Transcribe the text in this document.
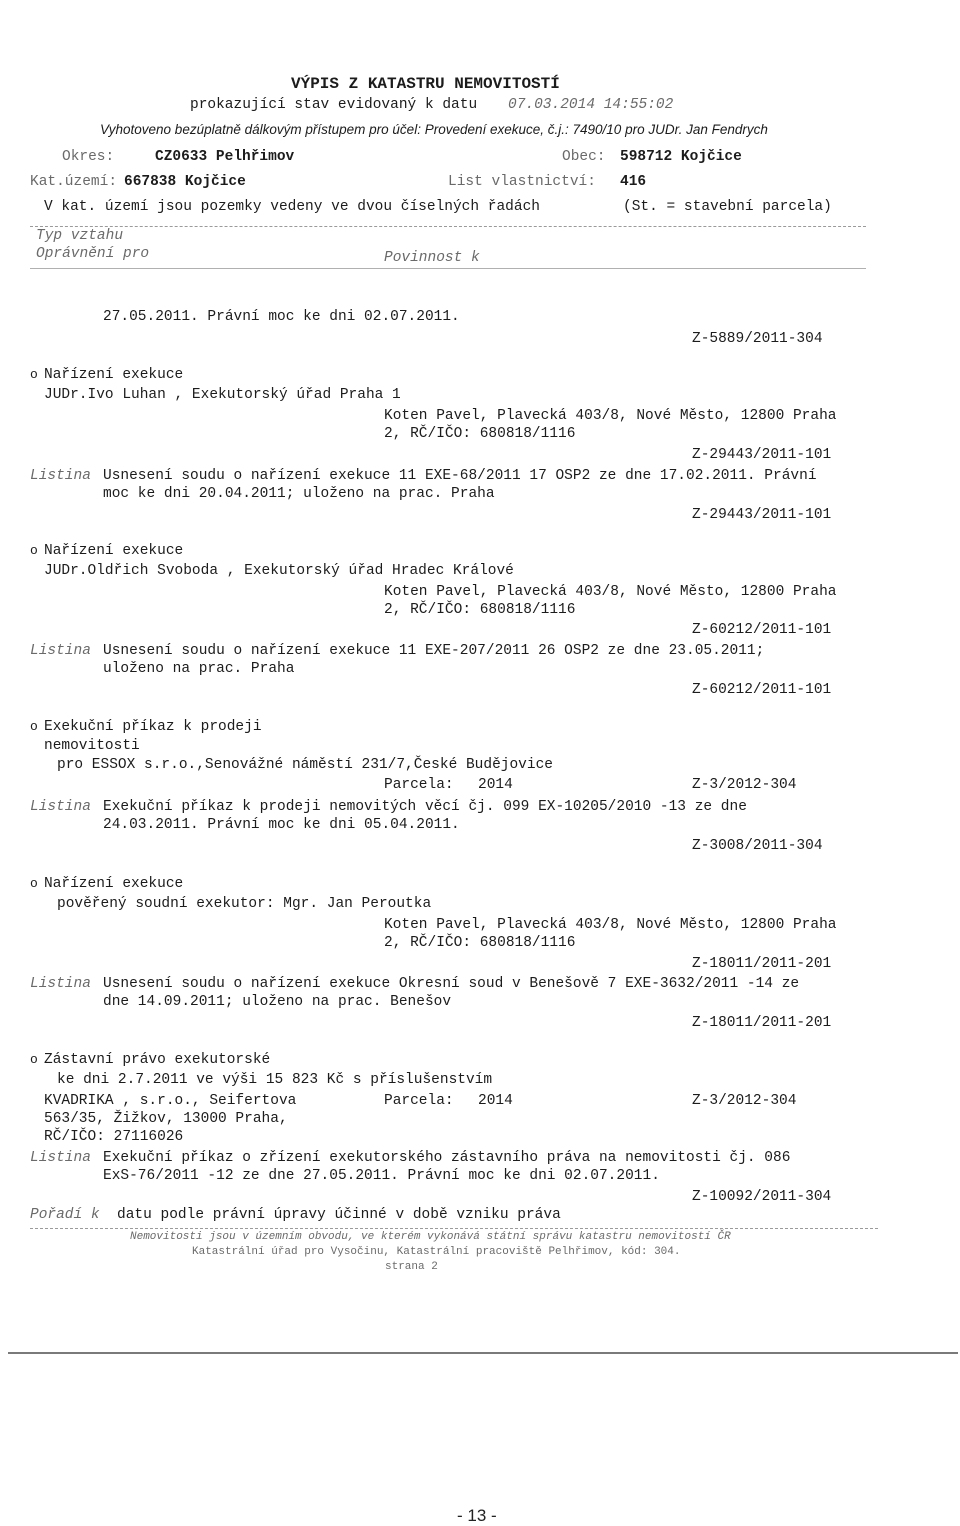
VÝPIS Z KATASTRU NEMOVITOSTÍ
prokazující stav evidovaný k datu 07.03.2014 14:55:02
Vyhotoveno bezúplatně dálkovým přístupem pro účel: Provedení exekuce, č.j.: 7490/10 pro JUDr. Jan Fendrych
Okres:	CZ0633 Pelhřimov	Obec: 598712 Kojčice
Kat.území: 667838 Kojčice	List vlastnictví: 416
V kat. území jsou pozemky vedeny ve dvou číselných řadách	(St. = stavební parcela)
Typ vztahu
Oprávnění pro	Povinnost k
27.05.2011. Právní moc ke dni 02.07.2011.
Z-5889/2011-304
o Nařízení exekuce
JUDr.Ivo Luhan , Exekutorský úřad Praha 1
Koten Pavel, Plavecká 403/8, Nové Město, 12800 Praha
2, RČ/IČO: 680818/1116
Z-29443/2011-101
Listina Usnesení soudu o nařízení exekuce 11 EXE-68/2011 17 OSP2 ze dne 17.02.2011. Právní
moc ke dni 20.04.2011; uloženo na prac. Praha
Z-29443/2011-101
o Nařízení exekuce
JUDr.Oldřich Svoboda , Exekutorský úřad Hradec Králové
Koten Pavel, Plavecká 403/8, Nové Město, 12800 Praha
2, RČ/IČO: 680818/1116
Z-60212/2011-101
Listina Usnesení soudu o nařízení exekuce 11 EXE-207/2011 26 OSP2 ze dne 23.05.2011;
uloženo na prac. Praha
Z-60212/2011-101
o Exekuční příkaz k prodeji
nemovitosti
pro ESSOX s.r.o.,Senovážné náměstí 231/7,České Budějovice
Parcela: 2014	Z-3/2012-304
Listina Exekuční příkaz k prodeji nemovitých věcí čj. 099 EX-10205/2010 -13 ze dne
24.03.2011. Právní moc ke dni 05.04.2011.
Z-3008/2011-304
o Nařízení exekuce
pověřený soudní exekutor: Mgr. Jan Peroutka
Koten Pavel, Plavecká 403/8, Nové Město, 12800 Praha
2, RČ/IČO: 680818/1116
Z-18011/2011-201
Listina Usnesení soudu o nařízení exekuce Okresní soud v Benešově 7 EXE-3632/2011 -14 ze
dne 14.09.2011; uloženo na prac. Benešov
Z-18011/2011-201
o Zástavní právo exekutorské
ke dni 2.7.2011 ve výši 15 823 Kč s příslušenstvím
KVADRIKA , s.r.o., Seifertova	Parcela: 2014	Z-3/2012-304
563/35, Žižkov, 13000 Praha,
RČ/IČO: 27116026
Listina Exekuční příkaz o zřízení exekutorského zástavního práva na nemovitosti čj. 086
ExS-76/2011 -12 ze dne 27.05.2011. Právní moc ke dni 02.07.2011.
Z-10092/2011-304
Pořadí k datu podle právní úpravy účinné v době vzniku práva
Nemovitosti jsou v územním obvodu, ve kterém vykonává státní správu katastru nemovitostí ČR
Katastrální úřad pro Vysočinu, Katastrální pracoviště Pelhřimov, kód: 304.
strana 2
- 13 -
